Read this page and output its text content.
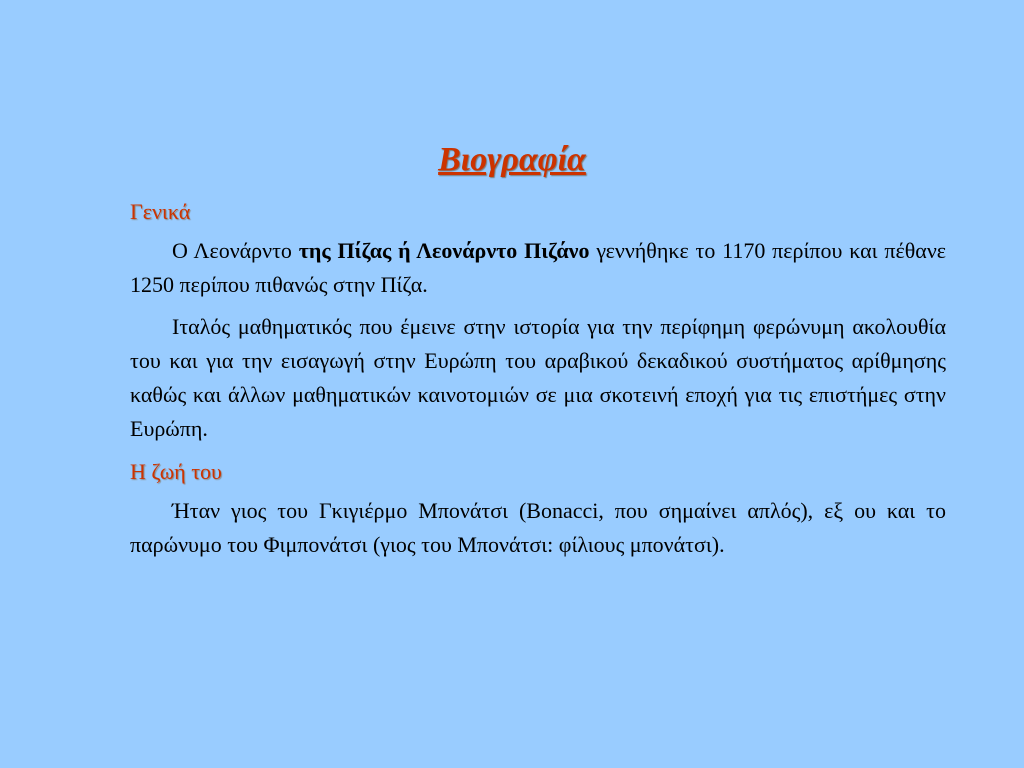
Βιογραφία
Γενικά

Ο Λεονάρντο της Πίζας ή Λεονάρντο Πιζάνο γεννήθηκε το 1170 περίπου και πέθανε 1250 περίπου πιθανώς στην Πίζα.

Ιταλός μαθηματικός που έμεινε στην ιστορία για την περίφημη φερώνυμη ακολουθία του και για την εισαγωγή στην Ευρώπη του αραβικού δεκαδικού συστήματος αρίθμησης καθώς και άλλων μαθηματικών καινοτομιών σε μια σκοτεινή εποχή για τις επιστήμες στην Ευρώπη.

Η ζωή του

Ήταν γιος του Γκιγιέρμο Μπονάτσι (Bonacci, που σημαίνει απλός), εξ ου και το παρώνυμο του Φιμπονάτσι (γιος του Μπονάτσι: φίλιους μπονάτσι).
